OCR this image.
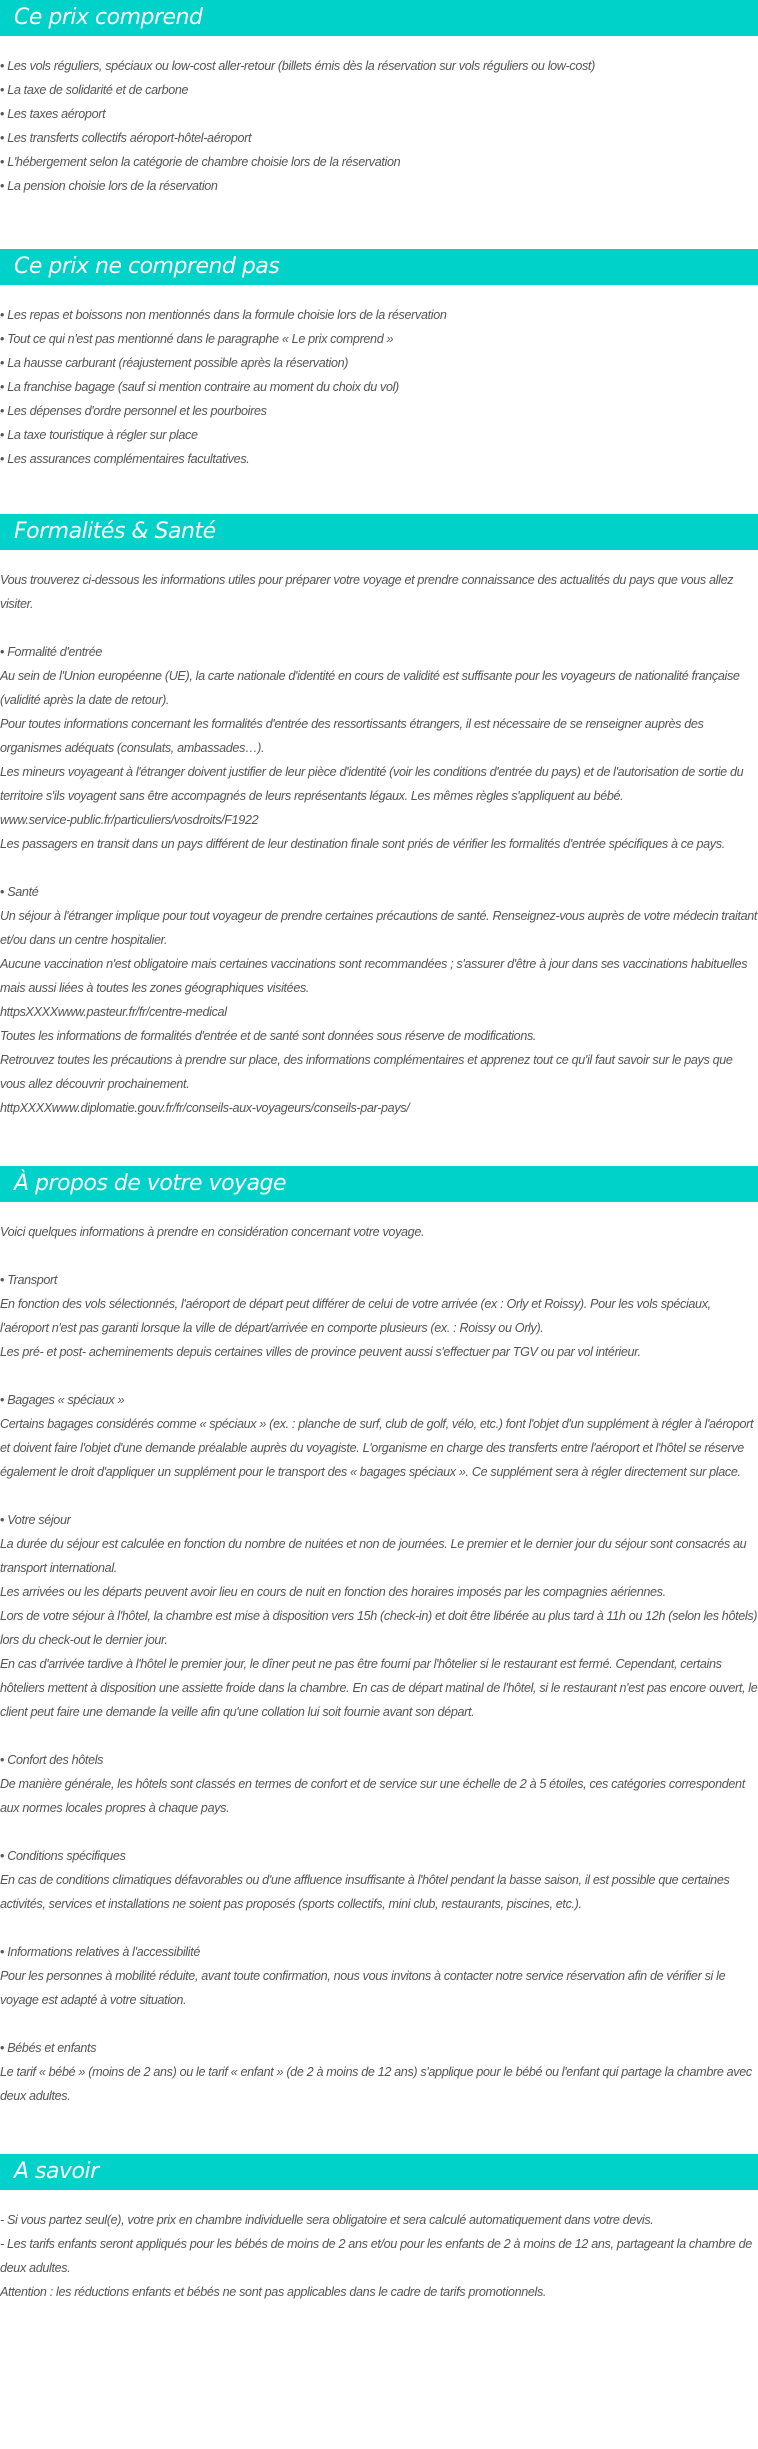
Ce prix comprend
• Les vols réguliers, spéciaux ou low-cost aller-retour (billets émis dès la réservation sur vols réguliers ou low-cost)
• La taxe de solidarité et de carbone
• Les taxes aéroport
• Les transferts collectifs aéroport-hôtel-aéroport
• L'hébergement selon la catégorie de chambre choisie lors de la réservation
• La pension choisie lors de la réservation
Ce prix ne comprend pas
• Les repas et boissons non mentionnés dans la formule choisie lors de la réservation
• Tout ce qui n'est pas mentionné dans le paragraphe « Le prix comprend »
• La hausse carburant (réajustement possible après la réservation)
• La franchise bagage (sauf si mention contraire au moment du choix du vol)
• Les dépenses d'ordre personnel et les pourboires
• La taxe touristique à régler sur place
• Les assurances complémentaires facultatives.
Formalités & Santé

Vous trouverez ci-dessous les informations utiles pour préparer votre voyage et prendre connaissance des actualités du pays que vous allez visiter.

• Formalité d'entrée
Au sein de l'Union européenne (UE), la carte nationale d'identité en cours de validité est suffisante pour les voyageurs de nationalité française (validité après la date de retour).
Pour toutes informations concernant les formalités d'entrée des ressortissants étrangers, il est nécessaire de se renseigner auprès des organismes adéquats (consulats, ambassades…).
Les mineurs voyageant à l'étranger doivent justifier de leur pièce d'identité (voir les conditions d'entrée du pays) et de l'autorisation de sortie du territoire s'ils voyagent sans être accompagnés de leurs représentants légaux. Les mêmes règles s'appliquent au bébé.
www.service-public.fr/particuliers/vosdroits/F1922
Les passagers en transit dans un pays différent de leur destination finale sont priés de vérifier les formalités d'entrée spécifiques à ce pays.
• Santé
Un séjour à l'étranger implique pour tout voyageur de prendre certaines précautions de santé. Renseignez-vous auprès de votre médecin traitant et/ou dans un centre hospitalier.
Aucune vaccination n'est obligatoire mais certaines vaccinations sont recommandées ; s'assurer d'être à jour dans ses vaccinations habituelles mais aussi liées à toutes les zones géographiques visitées.
httpsXXXXwww.pasteur.fr/fr/centre-medical
Toutes les informations de formalités d'entrée et de santé sont données sous réserve de modifications.
Retrouvez toutes les précautions à prendre sur place, des informations complémentaires et apprenez tout ce qu'il faut savoir sur le pays que vous allez découvrir prochainement.
httpXXXXwww.diplomatie.gouv.fr/fr/conseils-aux-voyageurs/conseils-par-pays/
À propos de votre voyage

Voici quelques informations à prendre en considération concernant votre voyage.

• Transport
En fonction des vols sélectionnés, l'aéroport de départ peut différer de celui de votre arrivée (ex : Orly et Roissy). Pour les vols spéciaux, l'aéroport n'est pas garanti lorsque la ville de départ/arrivée en comporte plusieurs (ex. : Roissy ou Orly).
Les pré- et post- acheminements depuis certaines villes de province peuvent aussi s'effectuer par TGV ou par vol intérieur.
• Bagages « spéciaux »
Certains bagages considérés comme « spéciaux » (ex. : planche de surf, club de golf, vélo, etc.) font l'objet d'un supplément à régler à l'aéroport et doivent faire l'objet d'une demande préalable auprès du voyagiste. L'organisme en charge des transferts entre l'aéroport et l'hôtel se réserve également le droit d'appliquer un supplément pour le transport des « bagages spéciaux ». Ce supplément sera à régler directement sur place.
• Votre séjour
La durée du séjour est calculée en fonction du nombre de nuitées et non de journées. Le premier et le dernier jour du séjour sont consacrés au transport international.
Les arrivées ou les départs peuvent avoir lieu en cours de nuit en fonction des horaires imposés par les compagnies aériennes.
Lors de votre séjour à l'hôtel, la chambre est mise à disposition vers 15h (check-in) et doit être libérée au plus tard à 11h ou 12h (selon les hôtels) lors du check-out le dernier jour.
En cas d'arrivée tardive à l'hôtel le premier jour, le dîner peut ne pas être fourni par l'hôtelier si le restaurant est fermé. Cependant, certains hôteliers mettent à disposition une assiette froide dans la chambre. En cas de départ matinal de l'hôtel, si le restaurant n'est pas encore ouvert, le client peut faire une demande la veille afin qu'une collation lui soit fournie avant son départ.
• Confort des hôtels
De manière générale, les hôtels sont classés en termes de confort et de service sur une échelle de 2 à 5 étoiles, ces catégories correspondent aux normes locales propres à chaque pays.
• Conditions spécifiques
En cas de conditions climatiques défavorables ou d'une affluence insuffisante à l'hôtel pendant la basse saison, il est possible que certaines activités, services et installations ne soient pas proposés (sports collectifs, mini club, restaurants, piscines, etc.).
• Informations relatives à l'accessibilité
Pour les personnes à mobilité réduite, avant toute confirmation, nous vous invitons à contacter notre service réservation afin de vérifier si le voyage est adapté à votre situation.
• Bébés et enfants
Le tarif « bébé » (moins de 2 ans) ou le tarif « enfant » (de 2 à moins de 12 ans) s'applique pour le bébé ou l'enfant qui partage la chambre avec deux adultes.
A savoir
- Si vous partez seul(e), votre prix en chambre individuelle sera obligatoire et sera calculé automatiquement dans votre devis.
- Les tarifs enfants seront appliqués pour les bébés de moins de 2 ans et/ou pour les enfants de 2 à moins de 12 ans, partageant la chambre de deux adultes.
Attention : les réductions enfants et bébés ne sont pas applicables dans le cadre de tarifs promotionnels.
